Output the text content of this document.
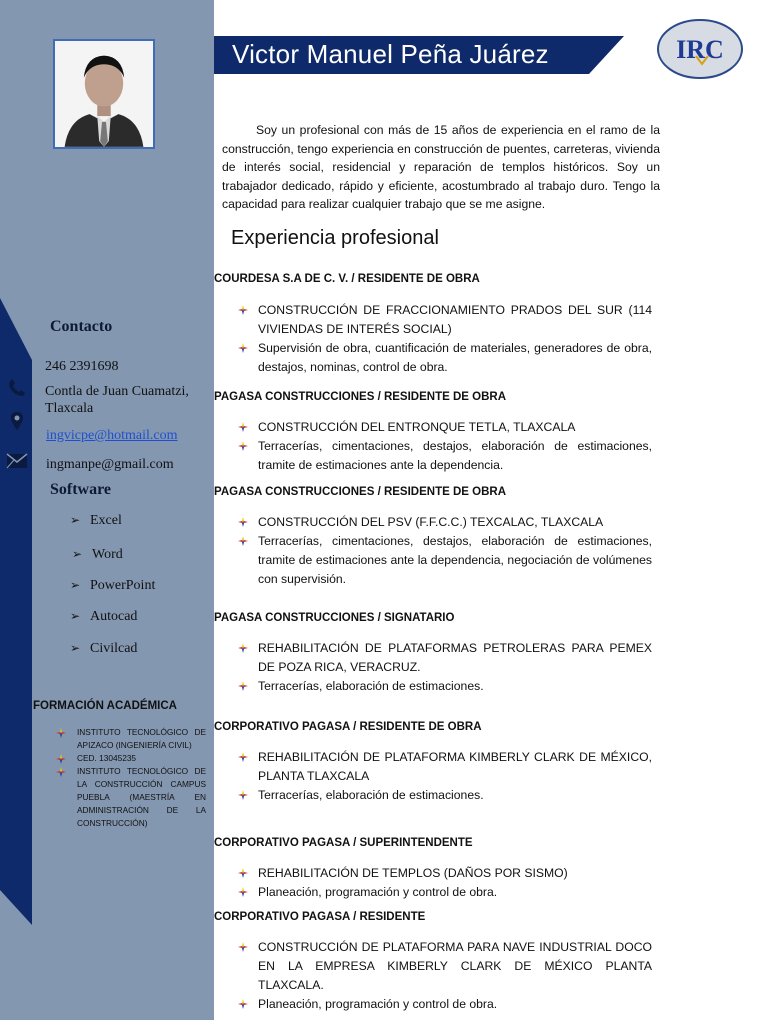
Contacto
246 2391698
Contla de Juan Cuamatzi, Tlaxcala
ingvicpe@hotmail.com
ingmanpe@gmail.com
Software
➢ Excel
➢ Word
➢ PowerPoint
➢ Autocad
➢ Civilcad
FORMACIÓN ACADÉMICA
INSTITUTO TECNOLÓGICO DE APIZACO (INGENIERÍA CIVIL)
CED. 13045235
INSTITUTO TECNOLÓGICO DE LA CONSTRUCCIÓN CAMPUS PUEBLA (MAESTRÍA EN ADMINISTRACIÓN DE LA CONSTRUCCIÓN)
Victor Manuel Peña Juárez	IRC

Soy un profesional con más de 15 años de experiencia en el ramo de la construcción, tengo experiencia en construcción de puentes, carreteras, vivienda de interés social, residencial y reparación de templos históricos. Soy un trabajador dedicado, rápido y eficiente, acostumbrado al trabajo duro. Tengo la capacidad para realizar cualquier trabajo que se me asigne.

Experiencia profesional
COURDESA S.A DE C. V. / RESIDENTE DE OBRA
CONSTRUCCIÓN DE FRACCIONAMIENTO PRADOS DEL SUR (114 VIVIENDAS DE INTERÉS SOCIAL)
Supervisión de obra, cuantificación de materiales, generadores de obra, destajos, nominas, control de obra.
PAGASA CONSTRUCCIONES / RESIDENTE DE OBRA
CONSTRUCCIÓN DEL ENTRONQUE TETLA, TLAXCALA
Terracerías, cimentaciones, destajos, elaboración de estimaciones, tramite de estimaciones ante la dependencia.
PAGASA CONSTRUCCIONES / RESIDENTE DE OBRA
CONSTRUCCIÓN DEL PSV (F.F.C.C.) TEXCALAC, TLAXCALA
Terracerías, cimentaciones, destajos, elaboración de estimaciones, tramite de estimaciones ante la dependencia, negociación de volúmenes con supervisión.
PAGASA CONSTRUCCIONES / SIGNATARIO
REHABILITACIÓN DE PLATAFORMAS PETROLERAS PARA PEMEX DE POZA RICA, VERACRUZ.
Terracerías, elaboración de estimaciones.
CORPORATIVO PAGASA / RESIDENTE DE OBRA
REHABILITACIÓN DE PLATAFORMA KIMBERLY CLARK DE MÉXICO, PLANTA TLAXCALA
Terracerías, elaboración de estimaciones.
CORPORATIVO PAGASA / SUPERINTENDENTE
REHABILITACIÓN DE TEMPLOS (DAÑOS POR SISMO)
Planeación, programación y control de obra.
CORPORATIVO PAGASA / RESIDENTE
CONSTRUCCIÓN DE PLATAFORMA PARA NAVE INDUSTRIAL DOCO EN LA EMPRESA KIMBERLY CLARK DE MÉXICO PLANTA TLAXCALA.
Planeación, programación y control de obra.
